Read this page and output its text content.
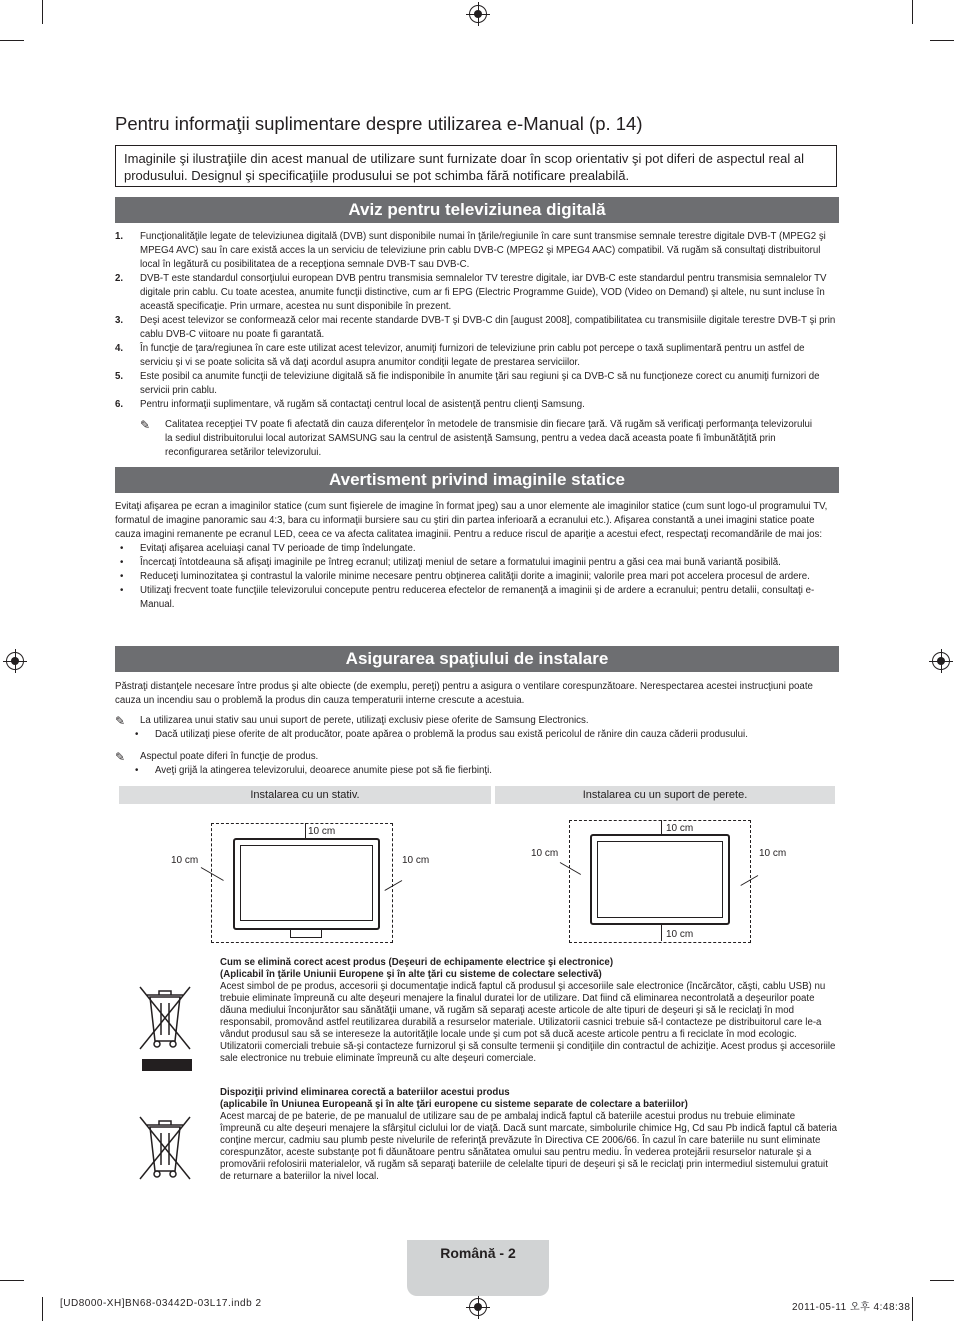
Pentru informaţii suplimentare despre utilizarea e-Manual (p. 14)
Imaginile şi ilustraţiile din acest manual de utilizare sunt furnizate doar în scop orientativ şi pot diferi de aspectul real al produsului. Designul şi specificaţiile produsului se pot schimba fără notificare prealabilă.
Aviz pentru televiziunea digitală
1. Funcţionalităţile legate de televiziunea digitală (DVB) sunt disponibile numai în ţările/regiunile în care sunt transmise semnale terestre digitale DVB-T (MPEG2 şi MPEG4 AVC) sau în care există acces la un serviciu de televiziune prin cablu DVB-C (MPEG2 şi MPEG4 AAC) compatibil. Vă rugăm să consultaţi distribuitorul local în legătură cu posibilitatea de a recepţiona semnale DVB-T sau DVB-C.
2. DVB-T este standardul consorţiului european DVB pentru transmisia semnalelor TV terestre digitale, iar DVB-C este standardul pentru transmisia semnalelor TV digitale prin cablu. Cu toate acestea, anumite funcţii distinctive, cum ar fi EPG (Electric Programme Guide), VOD (Video on Demand) şi altele, nu sunt incluse în această specificaţie. Prin urmare, acestea nu sunt disponibile în prezent.
3. Deşi acest televizor se conformează celor mai recente standarde DVB-T şi DVB-C din [august 2008], compatibilitatea cu transmisiile digitale terestre DVB-T şi prin cablu DVB-C viitoare nu poate fi garantată.
4. În funcţie de ţara/regiunea în care este utilizat acest televizor, anumiţi furnizori de televiziune prin cablu pot percepe o taxă suplimentară pentru un astfel de serviciu şi vi se poate solicita să vă daţi acordul asupra anumitor condiţii legate de prestarea serviciilor.
5. Este posibil ca anumite funcţii de televiziune digitală să fie indisponibile în anumite ţări sau regiuni şi ca DVB-C să nu funcţioneze corect cu anumiţi furnizori de servicii prin cablu.
6. Pentru informaţii suplimentare, vă rugăm să contactaţi centrul local de asistenţă pentru clienţi Samsung.
✎	Calitatea recepţiei TV poate fi afectată din cauza diferenţelor în metodele de transmisie din fiecare ţară. Vă rugăm să verificaţi performanţa televizorului la sediul distribuitorului local autorizat SAMSUNG sau la centrul de asistenţă Samsung, pentru a vedea dacă aceasta poate fi îmbunătăţită prin reconfigurarea setărilor televizorului.
Avertisment privind imaginile statice
Evitaţi afişarea pe ecran a imaginilor statice (cum sunt fişierele de imagine în format jpeg) sau a unor elemente ale imaginilor statice (cum sunt logo-ul programului TV, formatul de imagine panoramic sau 4:3, bara cu informaţii bursiere sau cu ştiri din partea inferioară a ecranului etc.). Afişarea constantă a unei imagini statice poate cauza imagini remanente pe ecranul LED, ceea ce va afecta calitatea imaginii. Pentru a reduce riscul de apariţie a acestui efect, respectaţi recomandările de mai jos:
• Evitaţi afişarea aceluiaşi canal TV perioade de timp îndelungate.
• Încercaţi întotdeauna să afişaţi imaginile pe întreg ecranul; utilizaţi meniul de setare a formatului imaginii pentru a găsi cea mai bună variantă posibilă.
• Reduceţi luminozitatea şi contrastul la valorile minime necesare pentru obţinerea calităţii dorite a imaginii; valorile prea mari pot accelera procesul de ardere.
• Utilizaţi frecvent toate funcţiile televizorului concepute pentru reducerea efectelor de remanenţă a imaginii şi de ardere a ecranului; pentru detalii, consultaţi e-Manual.
Asigurarea spaţiului de instalare
Păstraţi distanţele necesare între produs şi alte obiecte (de exemplu, pereţi) pentru a asigura o ventilare corespunzătoare. Nerespectarea acestei instrucţiuni poate cauza un incendiu sau o problemă la produs din cauza temperaturii interne crescute a acestuia.
✎	La utilizarea unui stativ sau unui suport de perete, utilizaţi exclusiv piese oferite de Samsung Electronics.
• Dacă utilizaţi piese oferite de alt producător, poate apărea o problemă la produs sau există pericolul de rănire din cauza căderii produsului.
✎	Aspectul poate diferi în funcţie de produs.
• Aveţi grijă la atingerea televizorului, deoarece anumite piese pot să fie fierbinţi.
Instalarea cu un stativ.	Instalarea cu un suport de perete.
10 cm
10 cm	10 cm
10 cm
10 cm
10 cm	10 cm
Cum se elimină corect acest produs (Deşeuri de echipamente electrice şi electronice)
(Aplicabil în ţările Uniunii Europene şi în alte ţări cu sisteme de colectare selectivă)
Acest simbol de pe produs, accesorii şi documentaţie indică faptul că produsul şi accesoriile sale electronice (încărcător, căşti, cablu USB) nu trebuie eliminate împreună cu alte deşeuri menajere la finalul duratei lor de utilizare. Dat fiind că eliminarea necontrolată a deşeurilor poate dăuna mediului înconjurător sau sănătăţii umane, vă rugăm să separaţi aceste articole de alte tipuri de deşeuri şi să le reciclaţi în mod responsabil, promovând astfel reutilizarea durabilă a resurselor materiale. Utilizatorii casnici trebuie să-l contacteze pe distribuitorul care le-a vândut produsul sau să se intereseze la autorităţile locale unde şi cum pot să ducă aceste articole pentru a fi reciclate în mod ecologic. Utilizatorii comerciali trebuie să-şi contacteze furnizorul şi să consulte termenii şi condiţiile din contractul de achiziţie. Acest produs şi accesoriile sale electronice nu trebuie eliminate împreună cu alte deşeuri comerciale.
Dispoziţii privind eliminarea corectă a bateriilor acestui produs
(aplicabile în Uniunea Europeană şi în alte ţări europene cu sisteme separate de colectare a bateriilor)
Acest marcaj de pe baterie, de pe manualul de utilizare sau de pe ambalaj indică faptul că bateriile acestui produs nu trebuie eliminate împreună cu alte deşeuri menajere la sfârşitul ciclului lor de viaţă. Dacă sunt marcate, simbolurile chimice Hg, Cd sau Pb indică faptul că bateria conţine mercur, cadmiu sau plumb peste nivelurile de referinţă prevăzute în Directiva CE 2006/66. În cazul în care bateriile nu sunt eliminate corespunzător, aceste substanţe pot fi dăunătoare pentru sănătatea omului sau pentru mediu. În vederea protejării resurselor naturale şi a promovării refolosirii materialelor, vă rugăm să separaţi bateriile de celelalte tipuri de deşeuri şi să le reciclaţi prin intermediul sistemului gratuit de returnare a bateriilor la nivel local.
Română - 2
[UD8000-XH]BN68-03442D-03L17.indb 2	2011-05-11 오후 4:48:38
